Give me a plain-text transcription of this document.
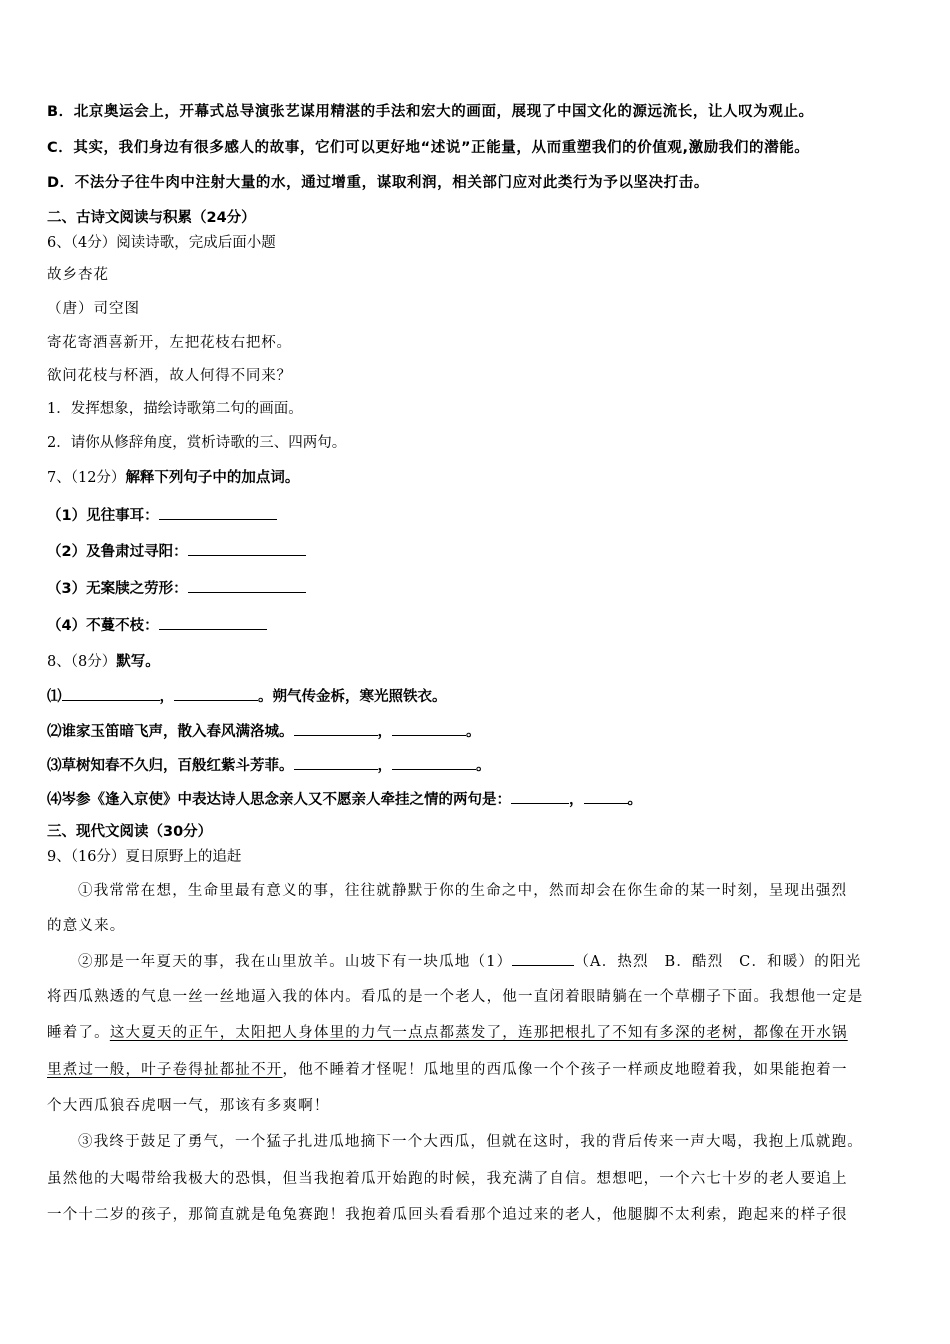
B．北京奥运会上，开幕式总导演张艺谋用精湛的手法和宏大的画面，展现了中国文化的源远流长，让人叹为观止。
C．其实，我们身边有很多感人的故事，它们可以更好地“述说”正能量，从而重塑我们的价值观,激励我们的潜能。
D．不法分子往牛肉中注射大量的水，通过增重，谋取利润，相关部门应对此类行为予以坚决打击。
二、古诗文阅读与积累（24分）
6、（4分）阅读诗歌，完成后面小题
故乡杏花
（唐）司空图
寄花寄酒喜新开，左把花枝右把杯。
欲问花枝与杯酒，故人何得不同来？
1．发挥想象，描绘诗歌第二句的画面。
2．请你从修辞角度，赏析诗歌的三、四两句。
7、（12分）解释下列句子中的加点词。
（1）见往事耳：
（2）及鲁肃过寻阳：
（3）无案牍之劳形：
（4）不蔓不枝：
8、（8分）默写。
⑴	，	。朔气传金柝，寒光照铁衣。
⑵谁家玉笛暗飞声，散入春风满洛城。	，	。
⑶草树知春不久归，百般红紫斗芳菲。	，	。
⑷岑参《逢入京使》中表达诗人思念亲人又不愿亲人牵挂之情的两句是：	，	。
三、现代文阅读（30分）
9、（16分）夏日原野上的追赶
①我常常在想，生命里最有意义的事，往往就静默于你的生命之中，然而却会在你生命的某一时刻，呈现出强烈
的意义来。
②那是一年夏天的事，我在山里放羊。山坡下有一块瓜地（1）	（A．热烈　B．酷烈　C．和暖）的阳光
将西瓜熟透的气息一丝一丝地逼入我的体内。看瓜的是一个老人，他一直闭着眼睛躺在一个草棚子下面。我想他一定是
睡着了。这大夏天的正午，太阳把人身体里的力气一点点都蒸发了，连那把根扎了不知有多深的老树，都像在开水锅
里煮过一般，叶子卷得扯都扯不开，他不睡着才怪呢！瓜地里的西瓜像一个个孩子一样顽皮地瞪着我，如果能抱着一
个大西瓜狼吞虎咽一气，那该有多爽啊！
③我终于鼓足了勇气，一个猛子扎进瓜地摘下一个大西瓜，但就在这时，我的背后传来一声大喝，我抱上瓜就跑。
虽然他的大喝带给我极大的恐惧，但当我抱着瓜开始跑的时候，我充满了自信。想想吧，一个六七十岁的老人要追上
一个十二岁的孩子，那简直就是龟兔赛跑！我抱着瓜回头看看那个追过来的老人，他腿脚不太利索，跑起来的样子很
